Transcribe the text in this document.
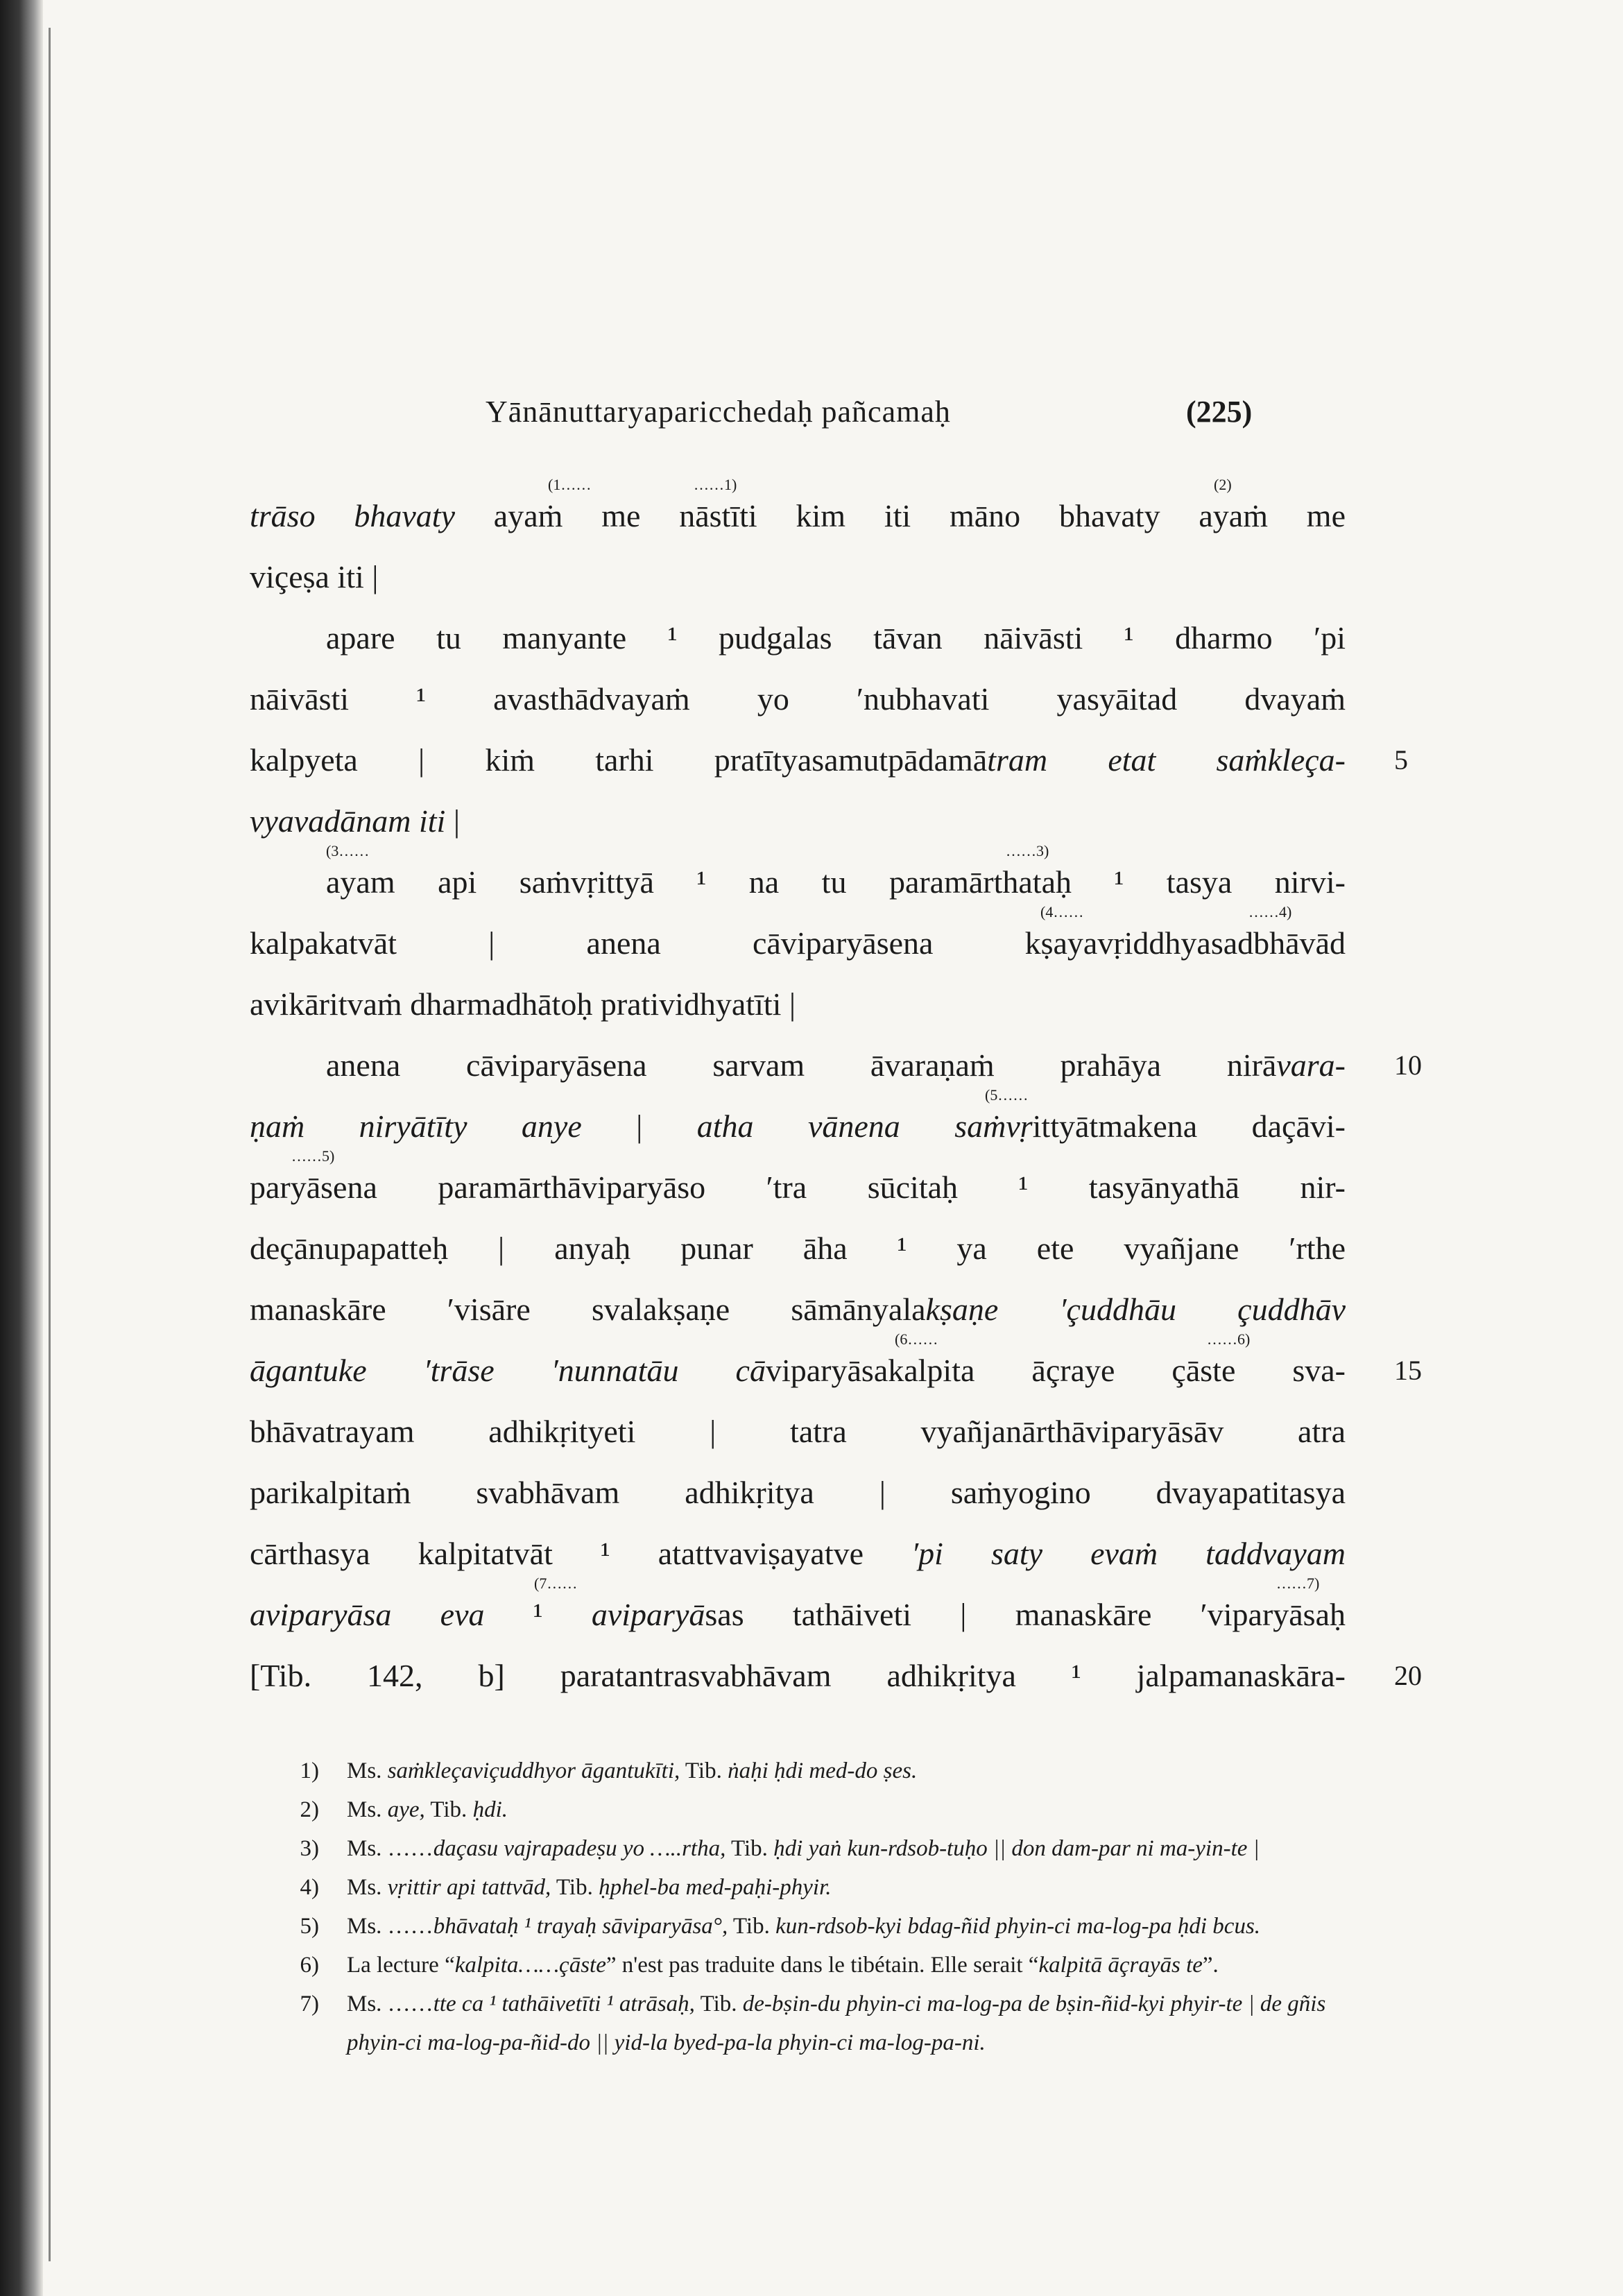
Yānānuttaryaparicchedaḥ pañcamaḥ	(225)
(1……	……1)	(2)
trāso bhavaty ayaṁ me nāstīti kim iti māno bhavaty ayaṁ me
viçeṣa iti |
apare tu manyante ¹ pudgalas tāvan nāivāsti ¹ dharmo ′pi
nāivāsti ¹ avasthādvayaṁ yo ′nubhavati yasyāitad dvayaṁ
kalpyeta | kiṁ tarhi pratītyasamutpādamātram etat saṁkleça- 5
vyavadānam iti |
(3……	……3)
ayam api saṁvṛittyā ¹ na tu paramārthataḥ ¹ tasya nirvi-
(4……	……4)
kalpakatvāt | anena cāviparyāsena kṣayavṛiddhyasadbhāvād
avikāritvaṁ dharmadhātoḥ pratividhyatīti |
anena cāviparyāsena sarvam āvaraṇaṁ prahāya nirāvara- 10
(5……
ṇaṁ niryātīty anye | atha vānena saṁvṛittyātmakena daçāvi-
……5)
paryāsena paramārthāviparyāso ′tra sūcitaḥ ¹ tasyānyathā nir-
deçānupapatteḥ | anyaḥ punar āha ¹ ya ete vyañjane ′rthe
manaskāre ′visāre svalakṣaṇe sāmānyalakṣaṇe ′çuddhāu çuddhāv
(6……	……6)
āgantuke ′trāse ′nunnatāu cāviparyāsakalpita āçraye çāste sva- 15
bhāvatrayam adhikṛityeti | tatra vyañjanārthāviparyāsāv atra
parikalpitaṁ svabhāvam adhikṛitya | saṁyogino dvayapatitasya
cārthasya kalpitatvāt ¹ atattvaviṣayatve ′pi saty evaṁ taddvayam
(7……	……7)
aviparyāsa eva ¹ aviparyāsas tathāiveti | manaskāre ′viparyāsaḥ
[Tib. 142, b] paratantrasvabhāvam adhikṛitya ¹ jalpamanaskāra- 20
1) Ms. saṁkleçaviçuddhyor āgantukīti, Tib. ṅaḥi ḥdi med-do ṣes.
2) Ms. aye, Tib. ḥdi.
3) Ms. ……daçasu vajrapadeṣu yo …..rtha, Tib. ḥdi yaṅ kun-rdsob-tuḥo || don dam-par ni ma-yin-te |
4) Ms. vṛittir api tattvād, Tib. ḥphel-ba med-paḥi-phyir.
5) Ms. ……bhāvataḥ ¹ trayaḥ sāviparyāsa°, Tib. kun-rdsob-kyi bdag-ñid phyin-ci ma-log-pa ḥdi bcus.
6) La lecture “kalpita……çāste” n'est pas traduite dans le tibétain. Elle serait “kalpitā āçrayās te”.
7) Ms. ……tte ca ¹ tathāivetīti ¹ atrāsaḥ, Tib. de-bṣin-du phyin-ci ma-log-pa de bṣin-ñid-kyi phyir-te | de gñis phyin-ci ma-log-pa-ñid-do || yid-la byed-pa-la phyin-ci ma-log-pa-ni.
